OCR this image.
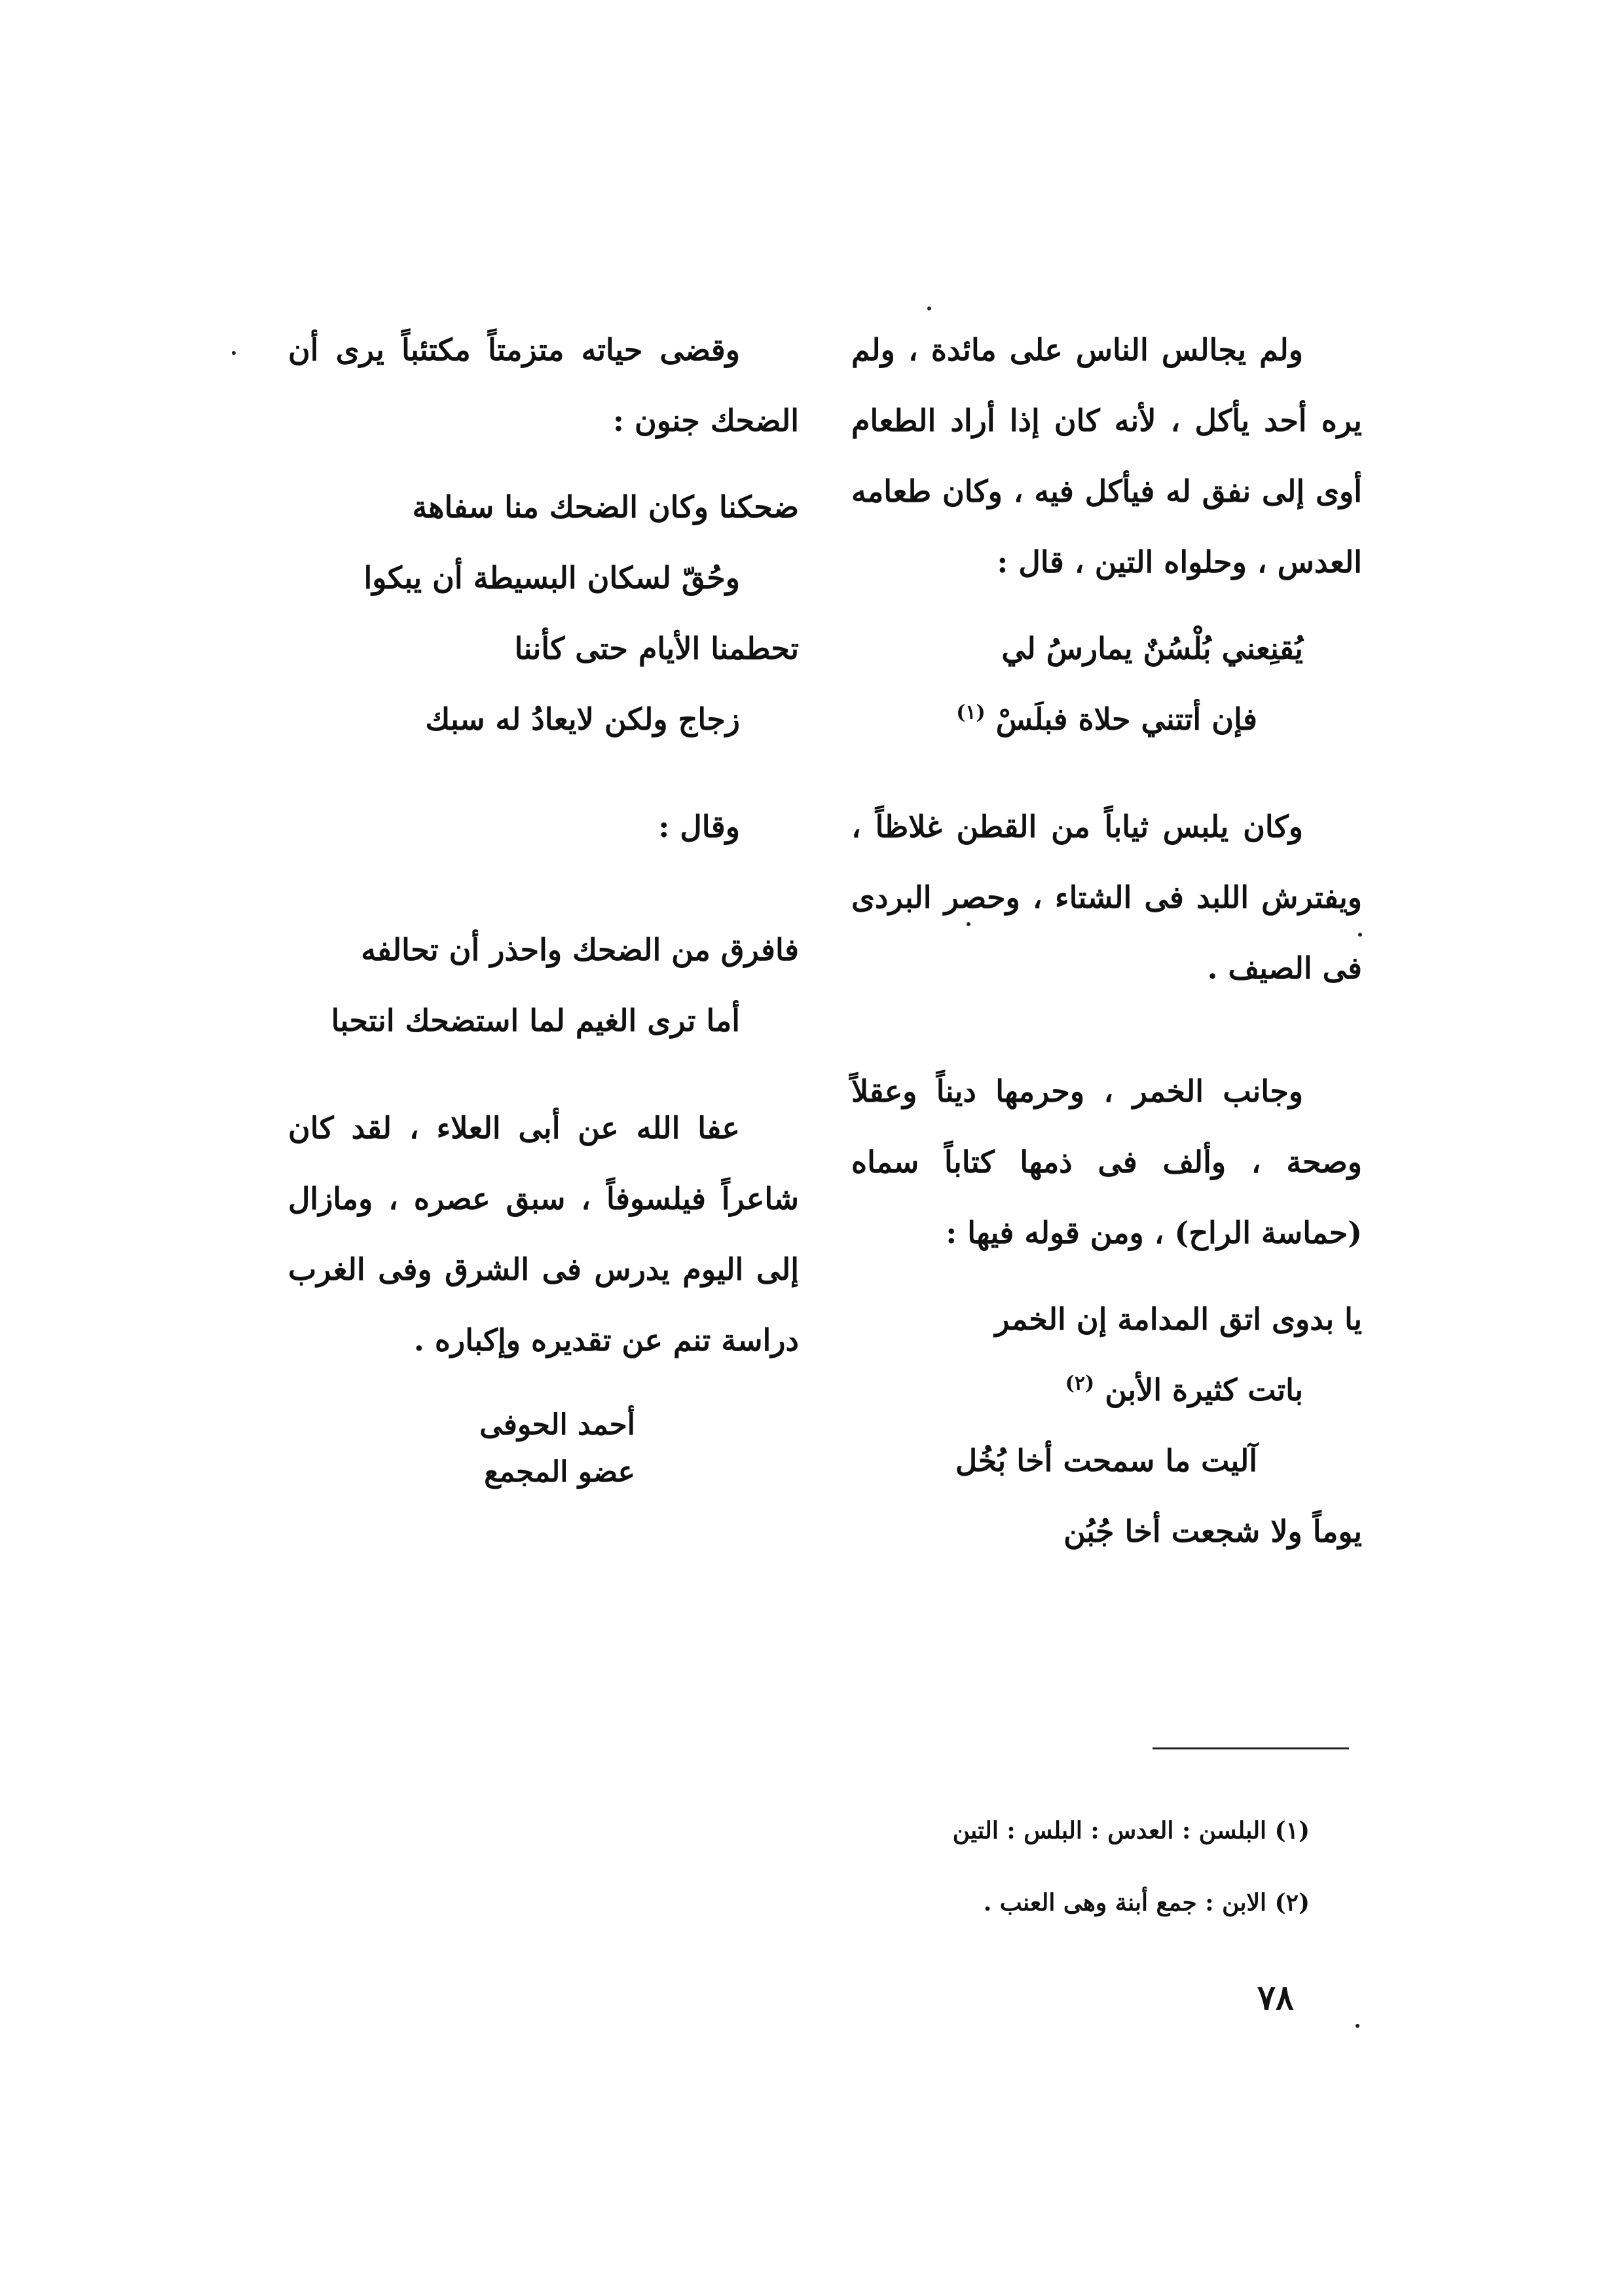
ولم يجالس الناس على مائدة ، ولم يره أحد يأكل ، لأنه كان إذا أراد الطعام أوى إلى نفق له فيأكل فيه ، وكان طعامه العدس ، وحلواه التين ، قال :

يُقنِعني بُلْسُنٌ يمارسُ لي

فإن أتتني حلاة فبلَسْ $^{(١)}$

وكان يلبس ثياباً من القطن غلاظاً ، ويفترش اللبد فى الشتاء ، وحصر البردى فى الصيف .

وجانب الخمر ، وحرمها ديناً وعقلاً وصحة ، وألف فى ذمها كتاباً سماه (حماسة الراح) ، ومن قوله فيها :

يا بدوى اتق المدامة إن الخمر

باتت كثيرة الأبن $^{(٢)}$

آليت ما سمحت أخا بُخُل

يوماً ولا شجعت أخا جُبُن

وقضى حياته متزمتاً مكتئباً يرى أن الضحك جنون :

ضحكنا وكان الضحك منا سفاهة

وحُقّ لسكان البسيطة أن يبكوا

تحطمنا الأيام حتى كأننا

زجاج ولكن لايعادُ له سبك

وقال :

فافرق من الضحك واحذر أن تحالفه

أما ترى الغيم لما استضحك انتحبا

عفا الله عن أبى العلاء ، لقد كان شاعراً فيلسوفاً ، سبق عصره ، ومازال إلى اليوم يدرس فى الشرق وفى الغرب دراسة تنم عن تقديره وإكباره .

أحمد الحوفى
عضو المجمع

(١) البلسن : العدس : البلس : التين

(٢) الابن : جمع أبنة وهى العنب .

٧٨
